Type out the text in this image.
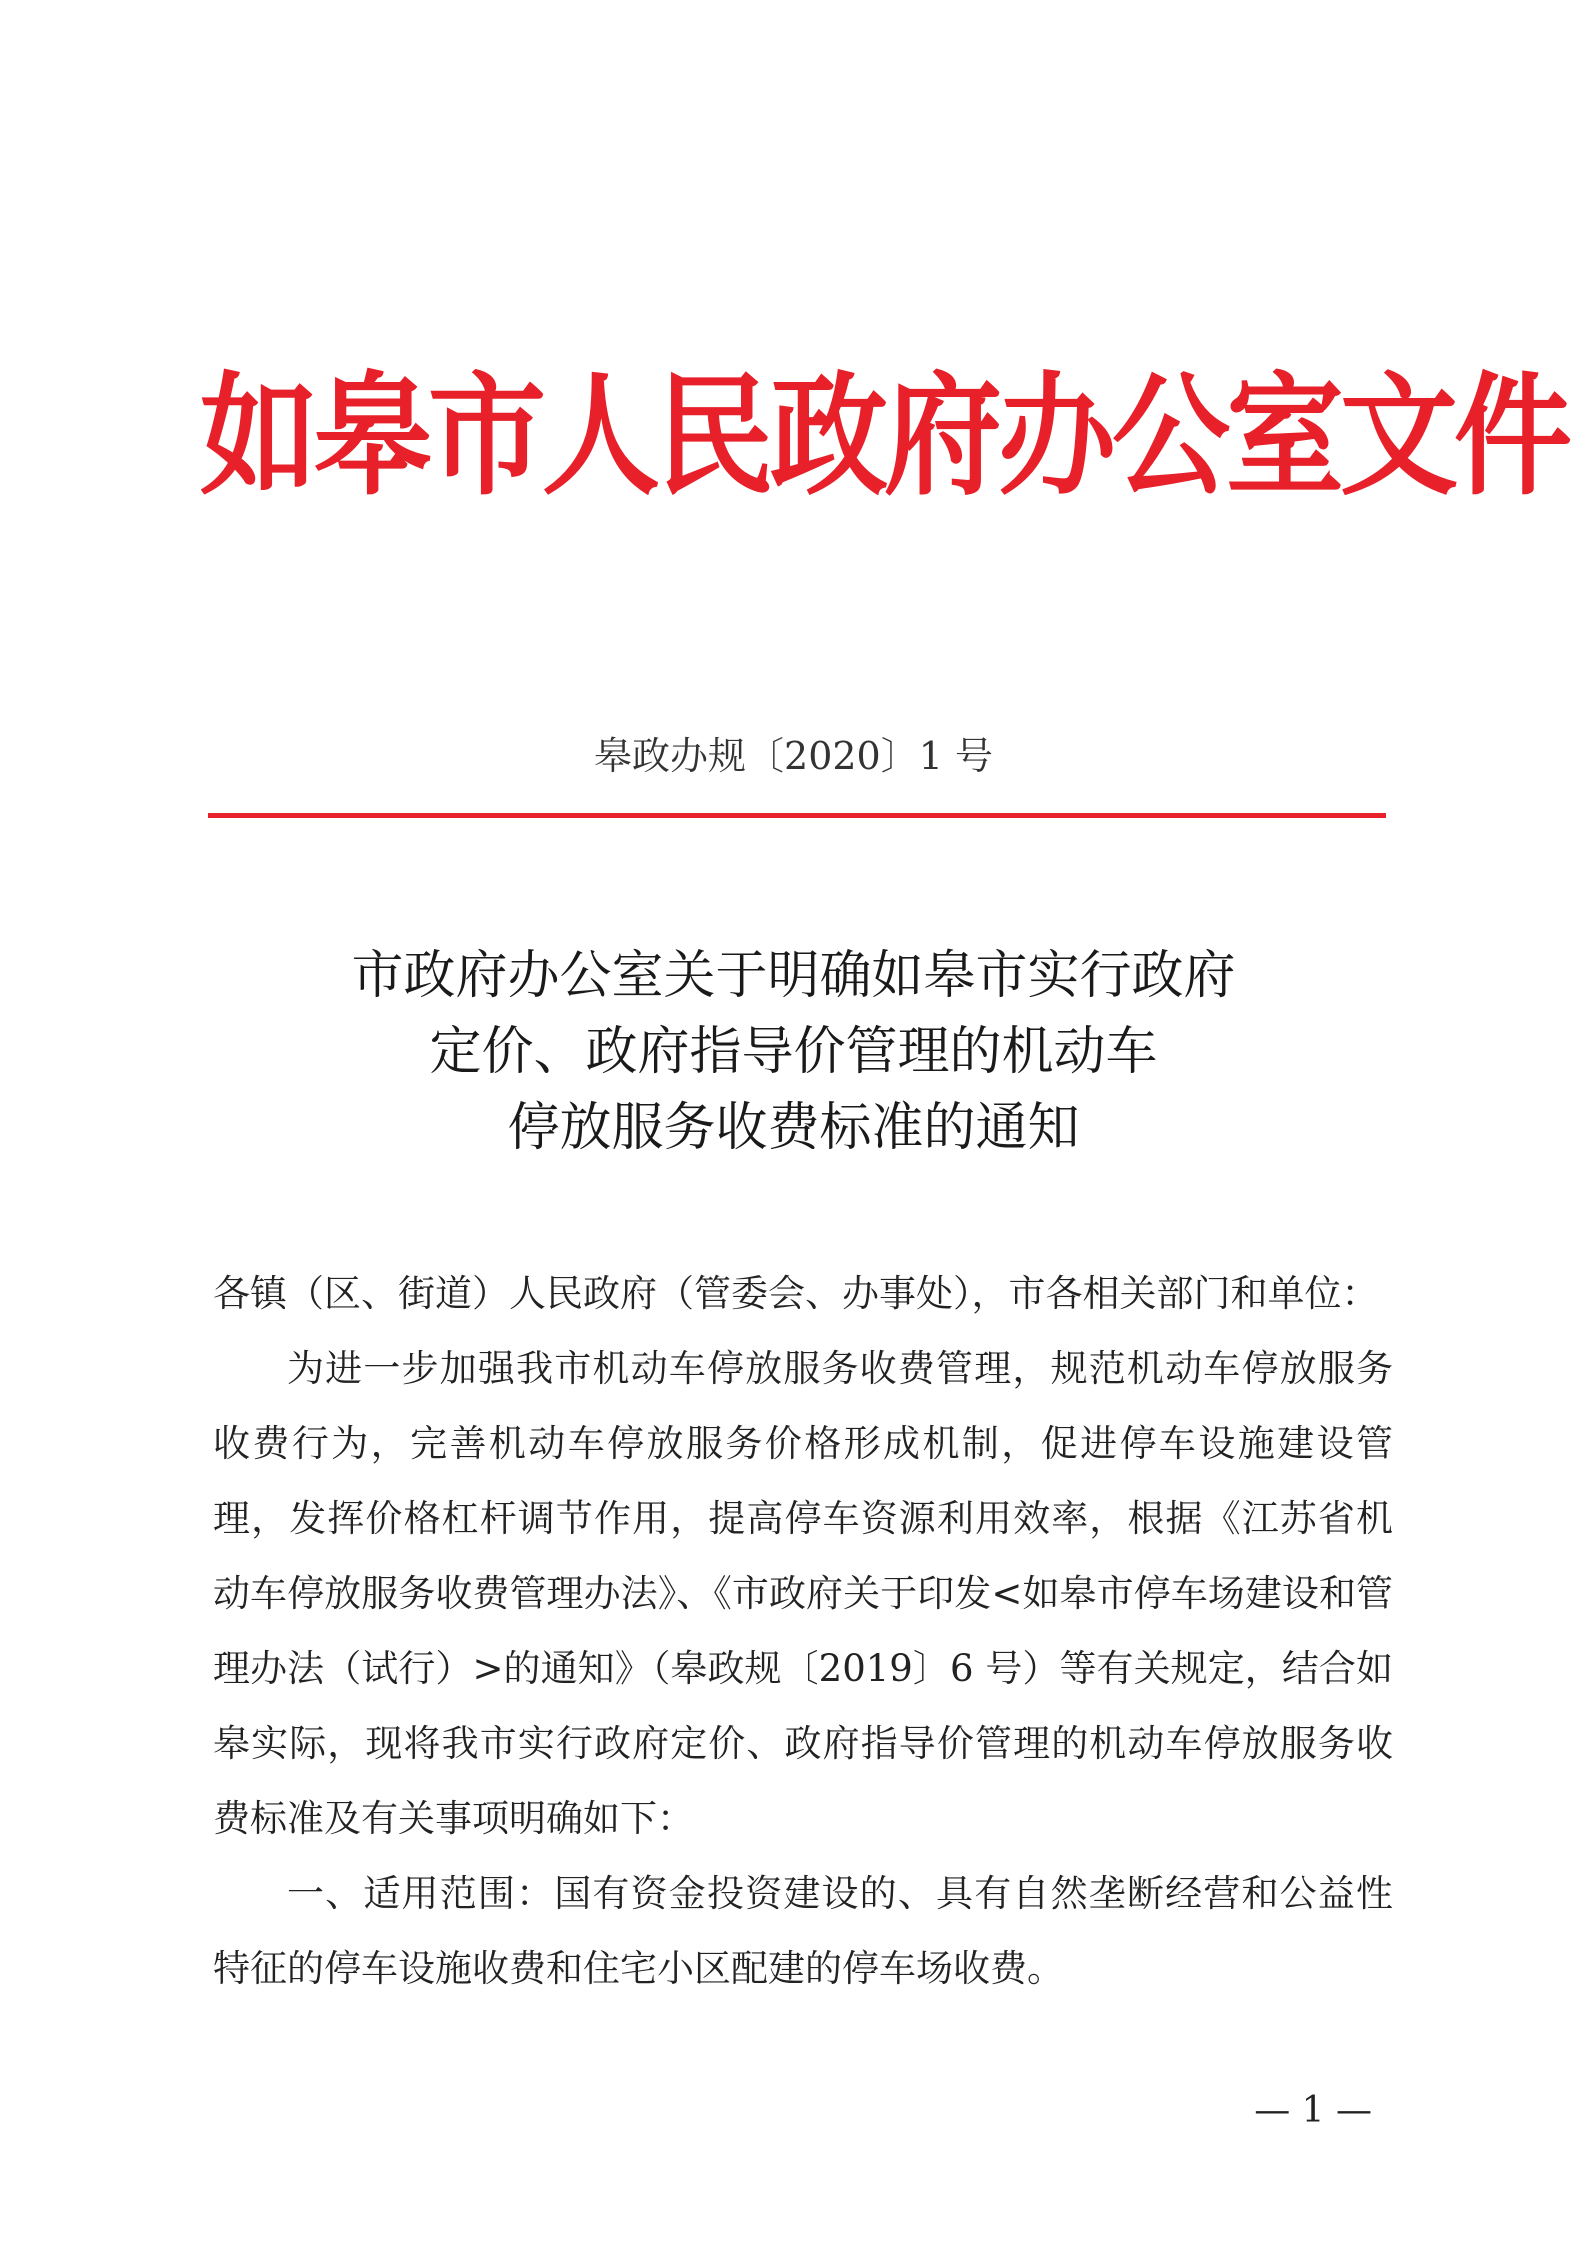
如皋市人民政府办公室文件
皋政办规〔2020〕1 号
市政府办公室关于明确如皋市实行政府
定价、政府指导价管理的机动车
停放服务收费标准的通知

各镇（区、街道）人民政府（管委会、办事处），市各相关部门和单位：

为进一步加强我市机动车停放服务收费管理，规范机动车停放服务收费行为，完善机动车停放服务价格形成机制，促进停车设施建设管理，发挥价格杠杆调节作用，提高停车资源利用效率，根据《江苏省机动车停放服务收费管理办法》、《市政府关于印发<如皋市停车场建设和管理办法（试行）>的通知》（皋政规〔2019〕6 号）等有关规定，结合如皋实际，现将我市实行政府定价、政府指导价管理的机动车停放服务收费标准及有关事项明确如下：

一、适用范围：国有资金投资建设的、具有自然垄断经营和公益性特征的停车设施收费和住宅小区配建的停车场收费。

— 1 —
